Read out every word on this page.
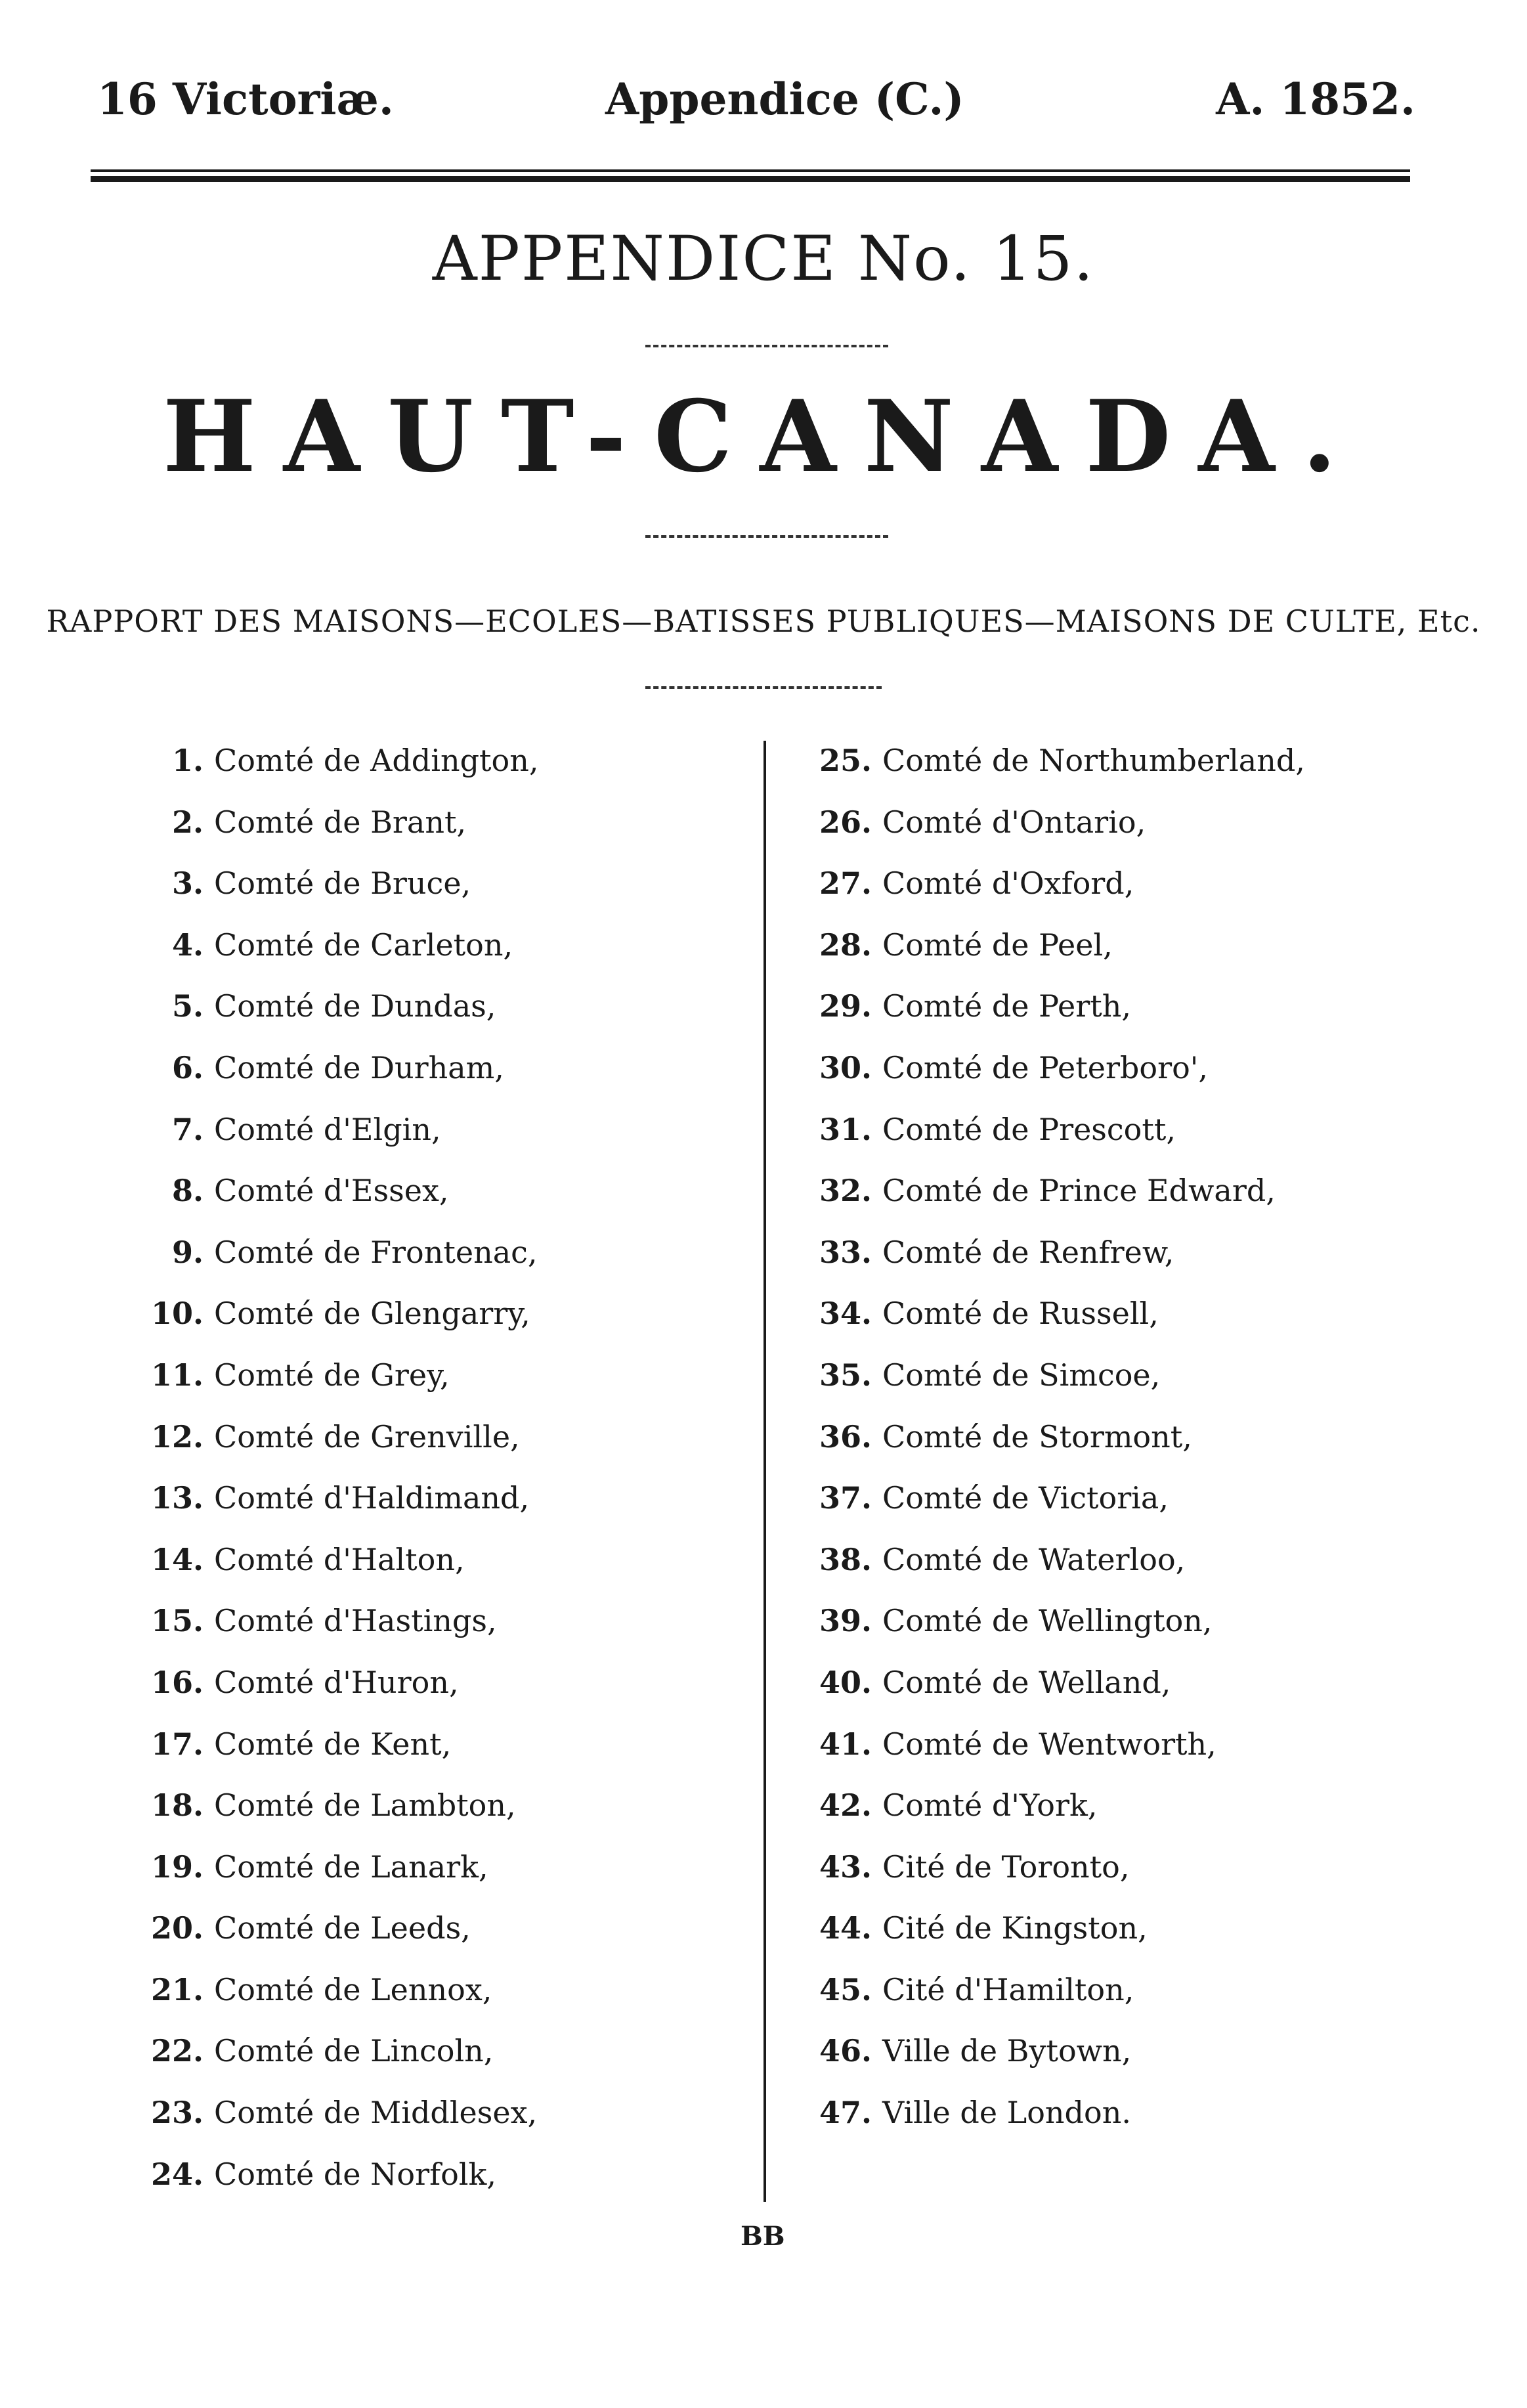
16 Victoriæ.	Appendice (C.)	A. 1852.
APPENDICE No. 15.
HAUT-CANADA.
RAPPORT DES MAISONS—ECOLES—BATISSES PUBLIQUES—MAISONS DE CULTE, Etc.
1. Comté de Addington,
2. Comté de Brant,
3. Comté de Bruce,
4. Comté de Carleton,
5. Comté de Dundas,
6. Comté de Durham,
7. Comté d'Elgin,
8. Comté d'Essex,
9. Comté de Frontenac,
10. Comté de Glengarry,
11. Comté de Grey,
12. Comté de Grenville,
13. Comté d'Haldimand,
14. Comté d'Halton,
15. Comté d'Hastings,
16. Comté d'Huron,
17. Comté de Kent,
18. Comté de Lambton,
19. Comté de Lanark,
20. Comté de Leeds,
21. Comté de Lennox,
22. Comté de Lincoln,
23. Comté de Middlesex,
24. Comté de Norfolk,
25. Comté de Northumberland,
26. Comté d'Ontario,
27. Comté d'Oxford,
28. Comté de Peel,
29. Comté de Perth,
30. Comté de Peterboro',
31. Comté de Prescott,
32. Comté de Prince Edward,
33. Comté de Renfrew,
34. Comté de Russell,
35. Comté de Simcoe,
36. Comté de Stormont,
37. Comté de Victoria,
38. Comté de Waterloo,
39. Comté de Wellington,
40. Comté de Welland,
41. Comté de Wentworth,
42. Comté d'York,
43. Cité de Toronto,
44. Cité de Kingston,
45. Cité d'Hamilton,
46. Ville de Bytown,
47. Ville de London.
BB
